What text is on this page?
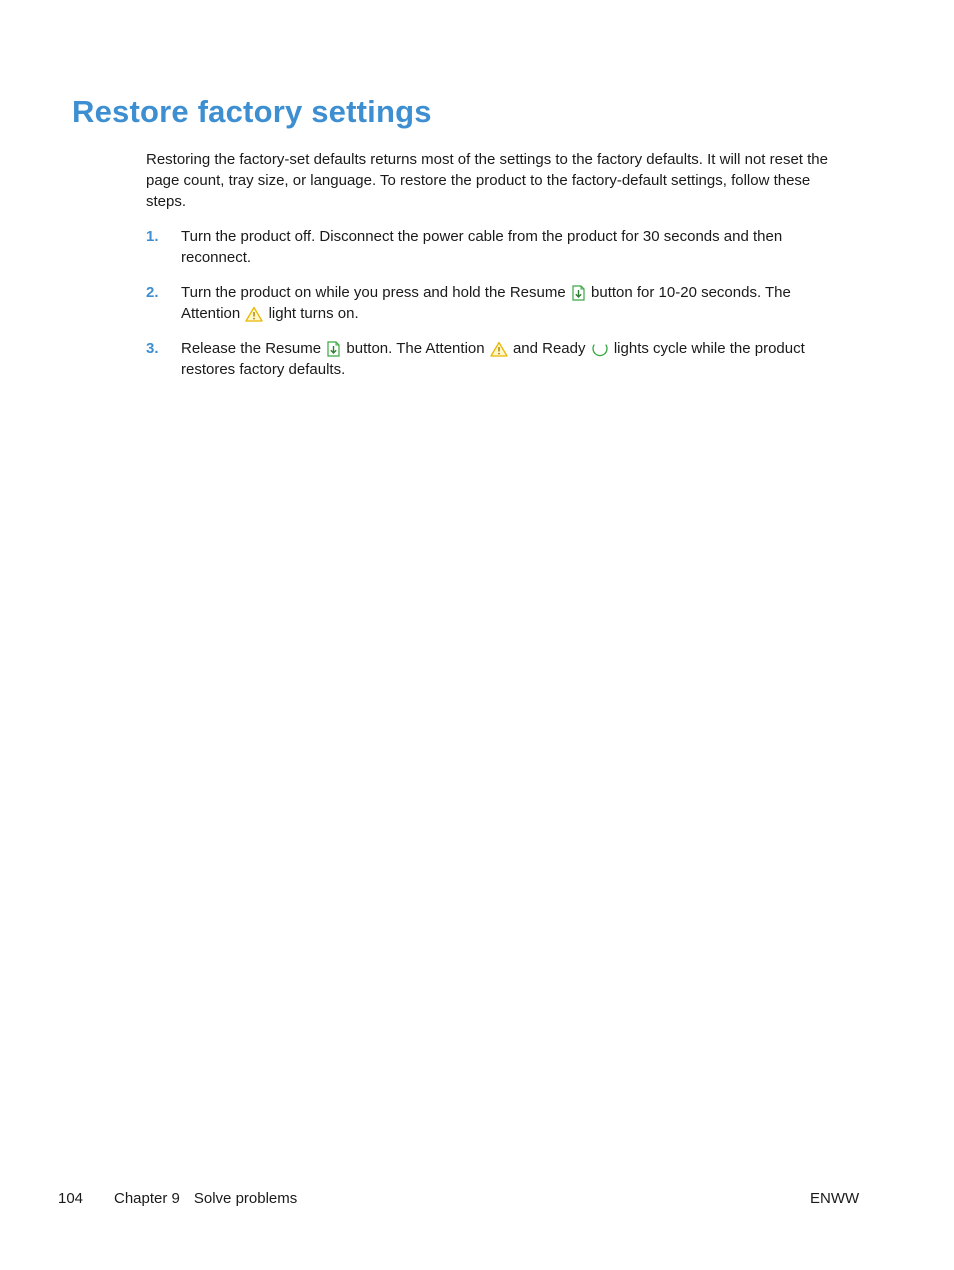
Restore factory settings

Restoring the factory-set defaults returns most of the settings to the factory defaults. It will not reset the page count, tray size, or language. To restore the product to the factory-default settings, follow these steps.

1. Turn the product off. Disconnect the power cable from the product for 30 seconds and then reconnect.
2. Turn the product on while you press and hold the Resume button for 10-20 seconds. The Attention light turns on.
3. Release the Resume button. The Attention and Ready lights cycle while the product restores factory defaults.
104 Chapter 9 Solve problems	ENWW
